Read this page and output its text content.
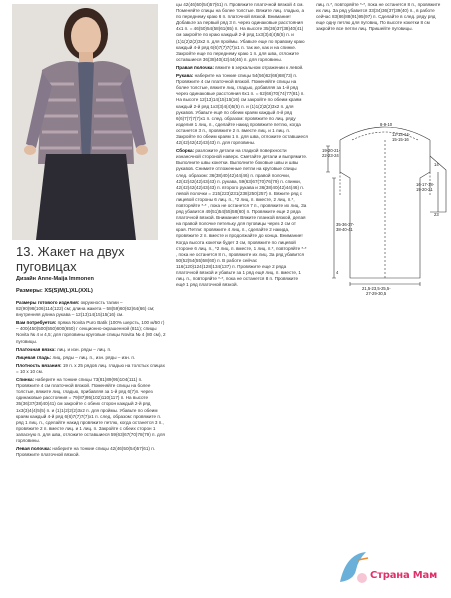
13. Жакет на двух пуговицах
Дизайн Anne-Maija Immonen
Размеры: XS(S)M(L)XL(XXL)

Размеры готового изделия: окружность талии – 82(90)98(106)114(122) см; длина жакета – 58(59)60(62)64(66) см; внутренняя длина рукава – 12(13)14(15)15(16) см.

Вам потребуется: пряжа Novita Puro Batik (100% шерсть, 100 м/50 г) – 400(450)500(550)600(650) г секционно-окрашенной (811); спицы Novita № 4 и 4,5; для горловины круговые спицы Novita № 4 (80 см), 2 пуговицы.

Платочная вязка: лиц. и изн. ряды – лиц. п.

Лицевая гладь: лиц. ряды – лиц. п., изн. ряды – изн. п.

Плотность вязания: 19 п. х 25 рядов лиц. гладью на толстых спицах = 10 х 10 см.

Спинка: наберите на тонкие спицы 73(81)89(95)104(111) п. Провяжите 4 см платочной вязкой. Поменяйте спицы на более толстые, вяжите лиц. гладью, прибавляя за 1-й ряд 6(7)п. через одинаковые расстояния = 79(87)95(102)110(117) п. На высоте 35(36)37(38)40(41) см закройте с обеих сторон каждый 2-й ряд 1х3(3)4(4)5(5) п. и (1)1(2)2(2)3х2 п. для проймы. Убавьте по обеим краям каждый 4-й ряд 6(6)7(7)7(7)х1 п. след. образом: провяжите п. ряд 1 лиц. п., сделайте накид провяжите петлю, когда останется 3 п., провяжите 2 п. вместе лиц. и 1 лиц. п. Закройте с обеих сторон 1 запасную п. для шва, отложите оставшиеся 59(63)67(70)78(79) п. для горловины.

Левая полочка: наберите на тонкие спицы 42(46)50(54)57(61) п. Провяжите платочной вязкой.

цы 42(46)50(54)57(61) п. Провяжите платочной вязкой 4 см. Поменяйте спицы на более толстые. Вяжите лиц. гладью, а по переднему краю 6 п. платочной вязкой. Внимание! Добавьте за первый ряд 3 п. через одинаковые расстояния 4х1 п. = 46(50)54(58)61(65) п. На высоте 35(36)37(38)40(41) см закройте по краю каждый 2-й ряд 1х3(3)4(4)5(5) п. и (1)1(2)2(2)3х2 п. для проймы. Убавьте еще по правому краю каждый 4-й ряд 6(6)7(7)7(7)х1 п. так же, как и на спинке. Закройте еще по переднему краю 1 п. для шва, отложите оставшиеся 36(38)40(42)44(46) п. для горловины.

Правая полочка: вяжите в зеркальном отражении к левой.

Рукава: наберите на тонкие спицы 54(56)62(66)68(73) п. Провяжите 4 см платочной вязкой. Поменяйте спицы на более толстые, вяжите лиц. гладью, добавляя за 1-й ряд через одинаковые расстояния 6х1 п. = 62(66)70(74)77(81) п. На высоте 12(13)14(15)15(16) см закройте по обеим краям каждый 2-й ряд 1х3(3)4(4)5(5) п. и (1)1(2)2(2)3х2 п. для рукавов. Убавьте ещё по обеим краям каждый 4-й ряд 6(6)7(7)7(7)х1 п. след. образом: провяжите по лиц. ряду изделия 1 лиц. п., сделайте накид провяжите петлю, когда останется 3 п., провяжите 2 п. вместе лиц. и 1 лиц. п. Закройте по обеим краям 1 п. для шва, отложите оставшиеся 42(42)42(42)43(43) п. для горловины.

Сборка: разложите детали на гладкой поверхности изнаночной стороной наверх. Сметайте детали и выпрямите. Выполните швы кокетки. Выполните боковые швы и швы рукавов. Снимите отложенные петли на круговые спицы след. образом: 36(38)40(42)44(46) п. правой полочки, 42(42)42(42)43(43) п. рукава, 59(63)67(70)76(79) п. спинки, 42(42)42(42)43(43) п. второго рукава и 36(38)40(42)44(46) п. левой полочки = 215(223)231(238)250(257) п. Вяжите ряд с лицевой стороны 6 лиц. п., *2 лиц. п. вместе, 2 лиц. п.*, повторяйте *-* , пока не останется 7 п., провяжите их лиц. За ряд убавится 49(51)54(55)58(60) п. Провяжите еще 2 ряда платочной вязкой. Внимание! Вяжите планкой вязкой, делая на правой полочке петельку для пуговицы через 2 см от края. Петли: провяжите 4 лиц. п., сделайте 2 накида, провяжите 2 п. вместе и продолжайте до конца. Внимание! Когда высота кокетки будет 3 см, провяжите по лицевой стороне 6 лиц. п., *2 лиц. п. вместе, 1 лиц. п.*, повторяйте *-* , пока не останется 8 п., провяжите их лиц. За ряд убавится 50(52)54(55)58(60) п. В работе сейчас 116(120)124(128)134(137) п. Провяжите еще 2 ряда платочной вязкой и убавьте за 1 ряд ещё лиц. п. вместе, 1 лиц. п., повторяйте *-*, пока не останется 8 п. Провяжите ещё 1 ряд платочной вязкой.

лиц. п.*, повторяйте *-*, пока не останется 8 п., провяжите их лиц. За ряд убавится 33(34)36(37)39(40) п., в работе сейчас 83(86)88(91)95(97) п. Сделайте в след. ряду ряд еще одну петлю для пуговиц. По высоте кокетки 8 см закройте все петли лиц. Пришейте пуговицы.

8-9-10
12-13-14-
15-15-16
19-20-21-
22-23-24
16-17-18-
19-20-21
35-36-37-
38-40-41
4
21,5-23,5-25,5-
27-29-30,5
14
23
Страна Мам
